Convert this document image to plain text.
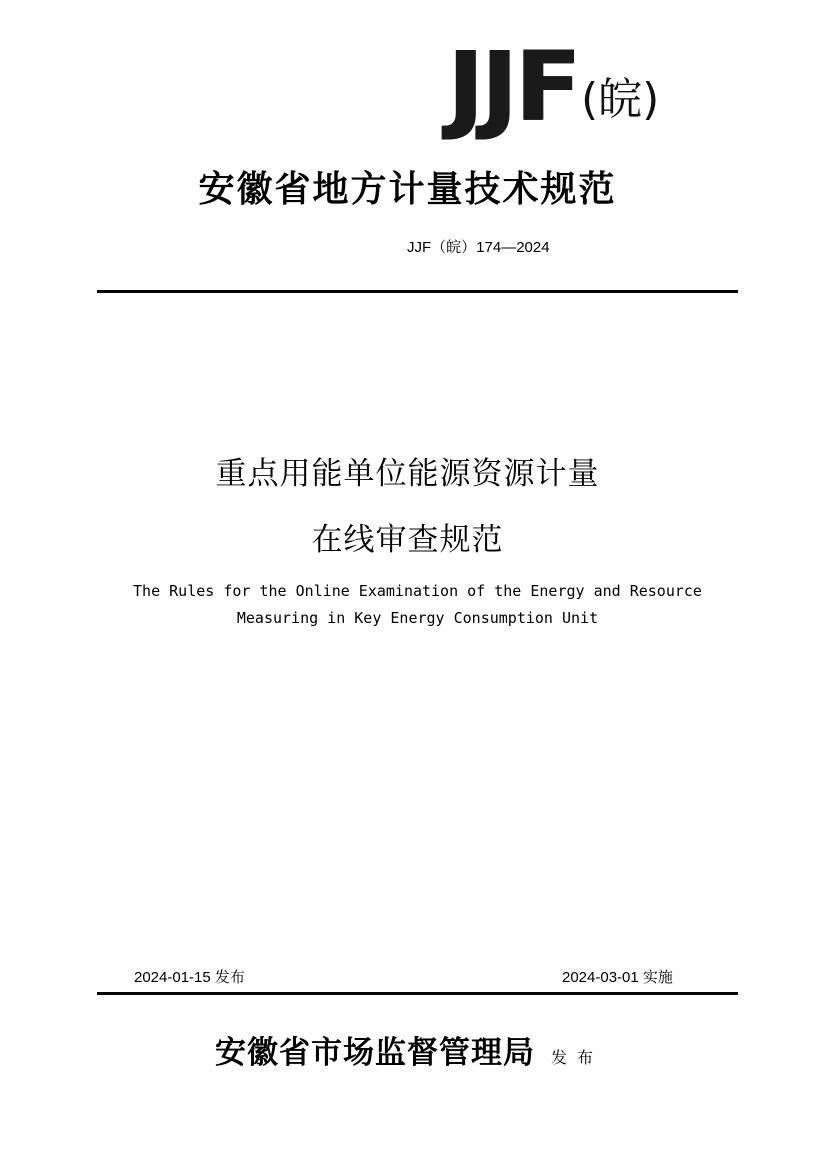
JJF (皖)
安徽省地方计量技术规范
JJF（皖）174—2024
重点用能单位能源资源计量
在线审查规范
The Rules for the Online Examination of the Energy and Resource
Measuring in Key Energy Consumption Unit
2024-01-15 发布	2024-03-01 实施
安徽省市场监督管理局 发布
